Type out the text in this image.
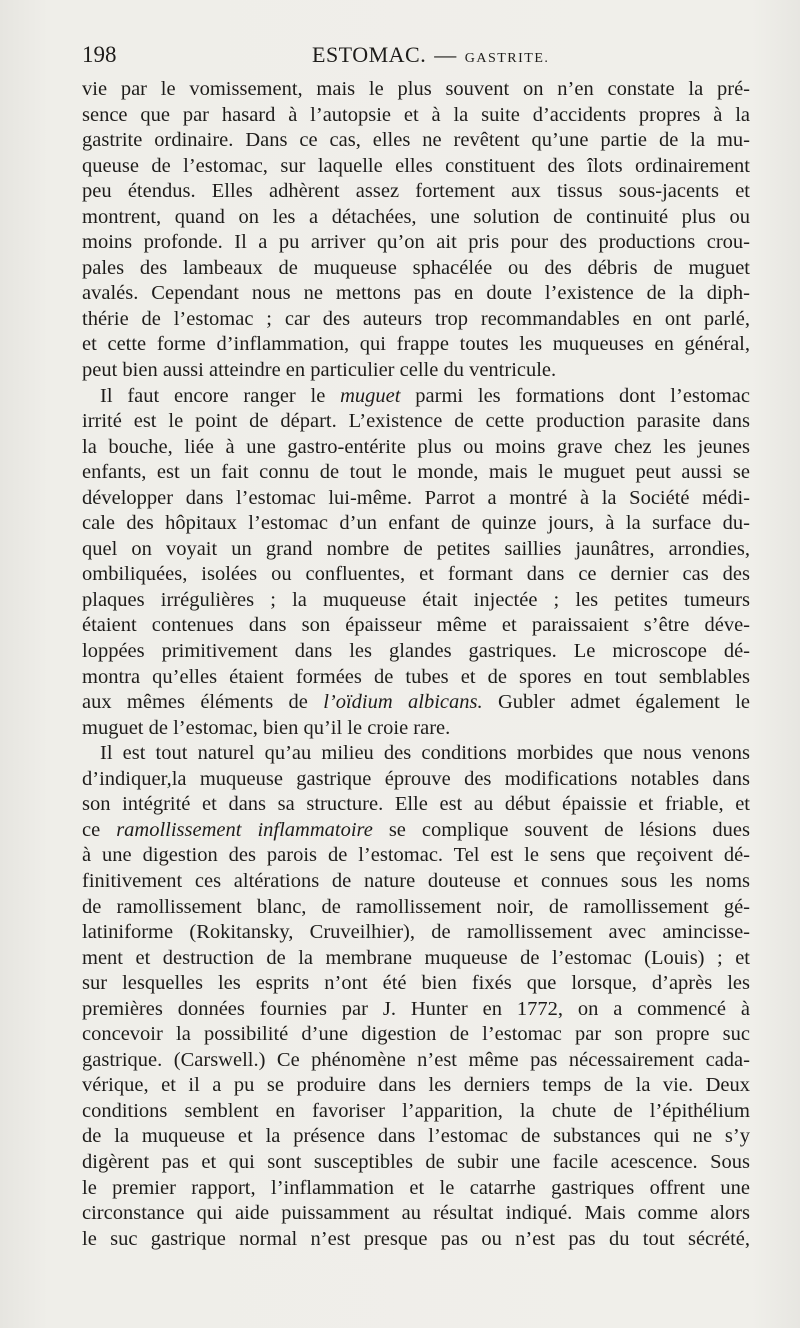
198	ESTOMAC. — GASTRITE.
vie par le vomissement, mais le plus souvent on n’en constate la pré-
sence que par hasard à l’autopsie et à la suite d’accidents propres à la
gastrite ordinaire. Dans ce cas, elles ne revêtent qu’une partie de la mu-
queuse de l’estomac, sur laquelle elles constituent des îlots ordinairement
peu étendus. Elles adhèrent assez fortement aux tissus sous-jacents et
montrent, quand on les a détachées, une solution de continuité plus ou
moins profonde. Il a pu arriver qu’on ait pris pour des productions crou-
pales des lambeaux de muqueuse sphacélée ou des débris de muguet
avalés. Cependant nous ne mettons pas en doute l’existence de la diph-
thérie de l’estomac ; car des auteurs trop recommandables en ont parlé,
et cette forme d’inflammation, qui frappe toutes les muqueuses en général,
peut bien aussi atteindre en particulier celle du ventricule.
Il faut encore ranger le muguet parmi les formations dont l’estomac
irrité est le point de départ. L’existence de cette production parasite dans
la bouche, liée à une gastro-entérite plus ou moins grave chez les jeunes
enfants, est un fait connu de tout le monde, mais le muguet peut aussi se
développer dans l’estomac lui-même. Parrot a montré à la Société médi-
cale des hôpitaux l’estomac d’un enfant de quinze jours, à la surface du-
quel on voyait un grand nombre de petites saillies jaunâtres, arrondies,
ombiliquées, isolées ou confluentes, et formant dans ce dernier cas des
plaques irrégulières ; la muqueuse était injectée ; les petites tumeurs
étaient contenues dans son épaisseur même et paraissaient s’être déve-
loppées primitivement dans les glandes gastriques. Le microscope dé-
montra qu’elles étaient formées de tubes et de spores en tout semblables
aux mêmes éléments de l’oïdium albicans. Gubler admet également le
muguet de l’estomac, bien qu’il le croie rare.
Il est tout naturel qu’au milieu des conditions morbides que nous venons
d’indiquer,la muqueuse gastrique éprouve des modifications notables dans
son intégrité et dans sa structure. Elle est au début épaissie et friable, et
ce ramollissement inflammatoire se complique souvent de lésions dues
à une digestion des parois de l’estomac. Tel est le sens que reçoivent dé-
finitivement ces altérations de nature douteuse et connues sous les noms
de ramollissement blanc, de ramollissement noir, de ramollissement gé-
latiniforme (Rokitansky, Cruveilhier), de ramollissement avec amincisse-
ment et destruction de la membrane muqueuse de l’estomac (Louis) ; et
sur lesquelles les esprits n’ont été bien fixés que lorsque, d’après les
premières données fournies par J. Hunter en 1772, on a commencé à
concevoir la possibilité d’une digestion de l’estomac par son propre suc
gastrique. (Carswell.) Ce phénomène n’est même pas nécessairement cada-
vérique, et il a pu se produire dans les derniers temps de la vie. Deux
conditions semblent en favoriser l’apparition, la chute de l’épithélium
de la muqueuse et la présence dans l’estomac de substances qui ne s’y
digèrent pas et qui sont susceptibles de subir une facile acescence. Sous
le premier rapport, l’inflammation et le catarrhe gastriques offrent une
circonstance qui aide puissamment au résultat indiqué. Mais comme alors
le suc gastrique normal n’est presque pas ou n’est pas du tout sécrété,
